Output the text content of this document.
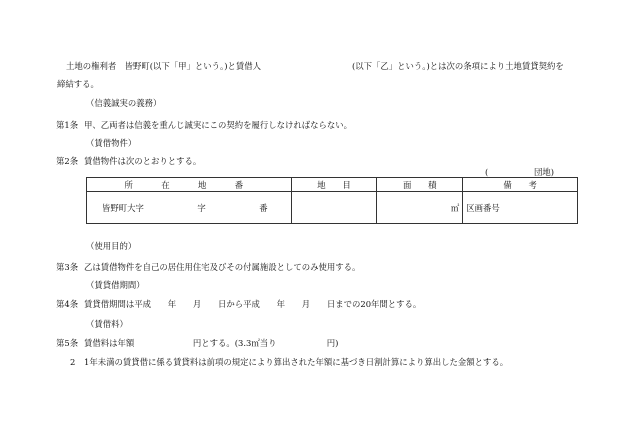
土地の権利者　皆野町(以下「甲」という。)と賃借人	(以下「乙」という。)とは次の条項により土地賃貸契約を
締結する。
（信義誠実の義務）
第1条 甲、乙両者は信義を重んじ誠実にこの契約を履行しなければならない。
（賃借物件）
第2条 賃借物件は次のとおりとする。
(	団地)
所　在　地　番	地　　目	面　　積	備　　考

皆野町大字 字 番		㎡	区画番号
（使用目的）
第3条 乙は賃借物件を自己の居住用住宅及びその付属施設としてのみ使用する。
（賃貸借期間）
第4条 賃貸借期間は平成　　年　　月　　日から平成　　年　　月　　日までの20年間とする。
（賃借料）
第5条 賃借料は年額　　　　　　　円とする。(3.3㎡当り　　　　　　円)
2 1年未満の賃貸借に係る賃貸料は前項の規定により算出された年額に基づき日割計算により算出した金額とする。
